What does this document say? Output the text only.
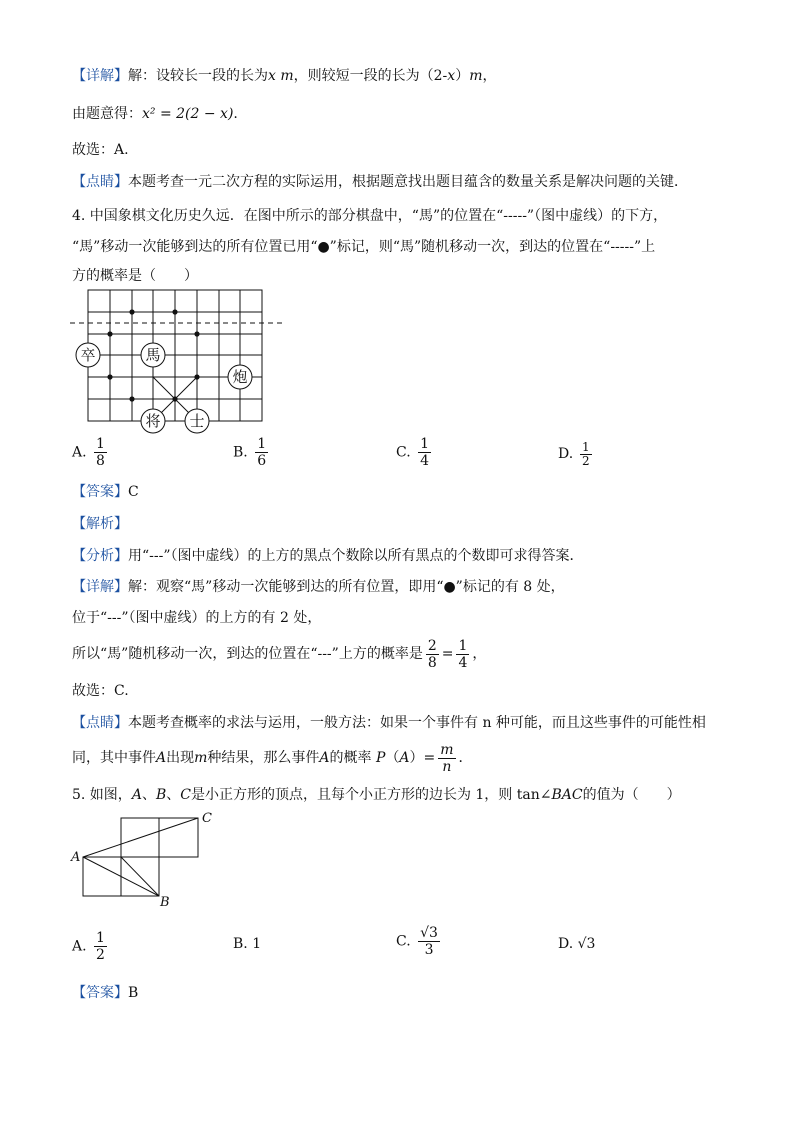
【详解】解：设较长一段的长为x m，则较短一段的长为（2-x）m，
由题意得：x² = 2(2 − x).
故选：A.
【点睛】本题考查一元二次方程的实际运用，根据题意找出题目蕴含的数量关系是解决问题的关键．
4. 中国象棋文化历史久远．在图中所示的部分棋盘中，“馬”的位置在“-----”（图中虚线）的下方，
“馬”移动一次能够到达的所有位置已用“●”标记，则“馬”随机移动一次，到达的位置在“-----”上
方的概率是（　　）
卒	馬
炮
将 士
A. $\frac{1}{8}$	B. $\frac{1}{6}$	C. $\frac{1}{4}$	D. $\frac{1}{2}$
【答案】C
【解析】
【分析】用“---”（图中虚线）的上方的黑点个数除以所有黑点的个数即可求得答案．
【详解】解：观察“馬”移动一次能够到达的所有位置，即用“●”标记的有 8 处，
位于“---”（图中虚线）的上方的有 2 处，
所以“馬”随机移动一次，到达的位置在“---”上方的概率是 $\frac{2}{8} = \frac{1}{4}$ ，
故选：C.
【点睛】本题考查概率的求法与运用，一般方法：如果一个事件有 n 种可能，而且这些事件的可能性相
同，其中事件A出现m种结果，那么事件A的概率 $P(A)= \frac{m}{n}$ ．
5. 如图，A、B、C是小正方形的顶点，且每个小正方形的边长为 1，则 tan∠BAC的值为（　　）
A
B
C
A. $\frac{1}{2}$	B. 1	C. $\frac{√3}{3}$	D. √3
【答案】B
